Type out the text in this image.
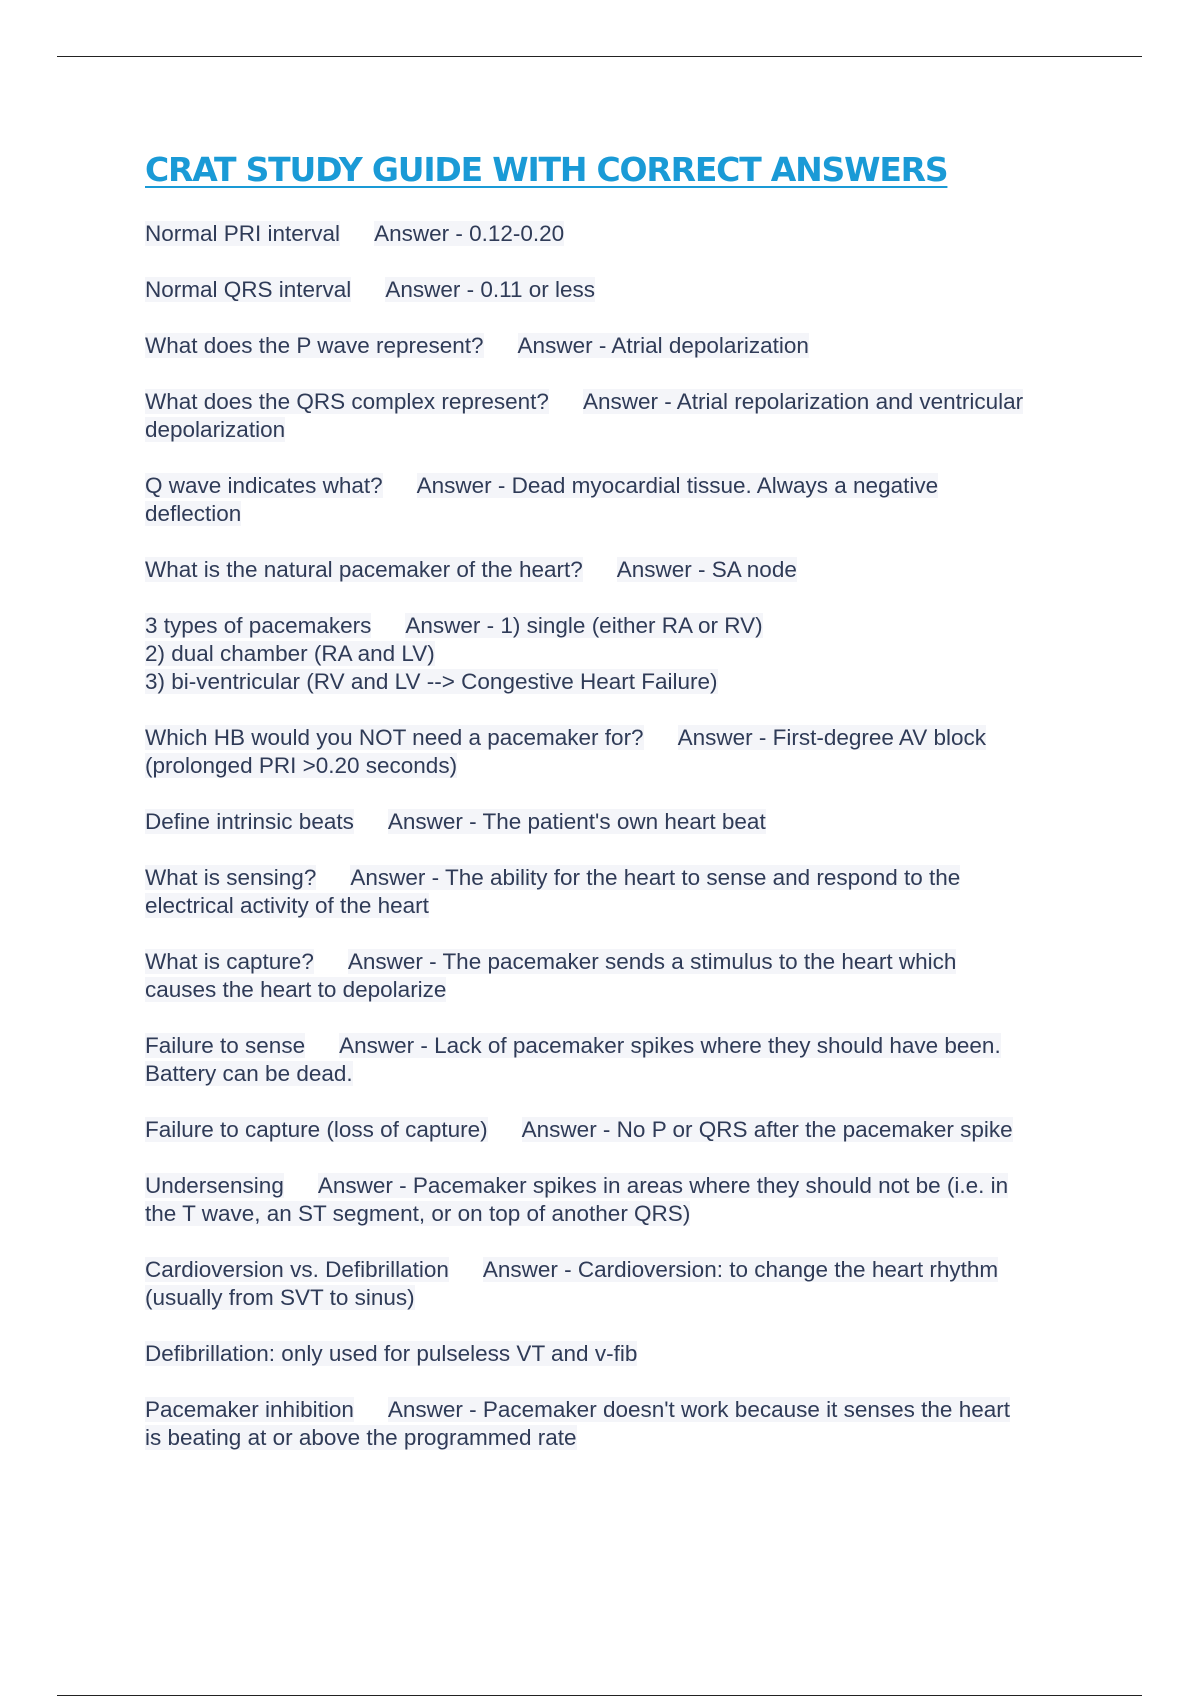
CRAT STUDY GUIDE WITH CORRECT ANSWERS
Normal PRI interval Answer - 0.12-0.20
Normal QRS interval Answer - 0.11 or less
What does the P wave represent? Answer - Atrial depolarization
What does the QRS complex represent? Answer - Atrial repolarization and ventricular
depolarization
Q wave indicates what? Answer - Dead myocardial tissue. Always a negative
deflection
What is the natural pacemaker of the heart? Answer - SA node
3 types of pacemakers Answer - 1) single (either RA or RV)
2) dual chamber (RA and LV)
3) bi-ventricular (RV and LV --> Congestive Heart Failure)
Which HB would you NOT need a pacemaker for? Answer - First-degree AV block
(prolonged PRI >0.20 seconds)
Define intrinsic beats Answer - The patient's own heart beat
What is sensing? Answer - The ability for the heart to sense and respond to the
electrical activity of the heart
What is capture? Answer - The pacemaker sends a stimulus to the heart which
causes the heart to depolarize
Failure to sense Answer - Lack of pacemaker spikes where they should have been.
Battery can be dead.
Failure to capture (loss of capture) Answer - No P or QRS after the pacemaker spike
Undersensing Answer - Pacemaker spikes in areas where they should not be (i.e. in
the T wave, an ST segment, or on top of another QRS)
Cardioversion vs. Defibrillation Answer - Cardioversion: to change the heart rhythm
(usually from SVT to sinus)
Defibrillation: only used for pulseless VT and v-fib
Pacemaker inhibition Answer - Pacemaker doesn't work because it senses the heart
is beating at or above the programmed rate
